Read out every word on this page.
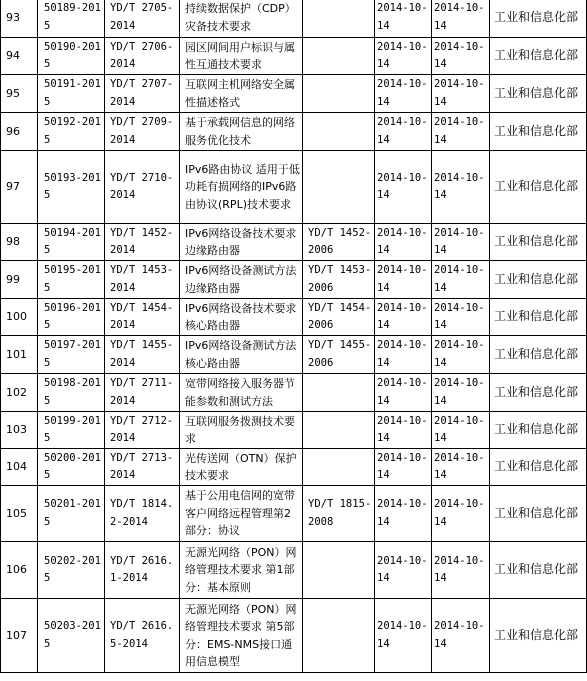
93	50189-2015	YD/T 2705-2014	持续数据保护（CDP）灾备技术要求		2014-10-14	2014-10-14	工业和信息化部
94	50190-2015	YD/T 2706-2014	园区网间用户标识与属性互通技术要求		2014-10-14	2014-10-14	工业和信息化部
95	50191-2015	YD/T 2707-2014	互联网主机网络安全属性描述格式		2014-10-14	2014-10-14	工业和信息化部
96	50192-2015	YD/T 2709-2014	基于承载网信息的网络服务优化技术		2014-10-14	2014-10-14	工业和信息化部
97	50193-2015	YD/T 2710-2014	IPv6路由协议 适用于低功耗有损网络的IPv6路由协议(RPL)技术要求		2014-10-14	2014-10-14	工业和信息化部
98	50194-2015	YD/T 1452-2014	IPv6网络设备技术要求 边缘路由器	YD/T 1452-2006	2014-10-14	2014-10-14	工业和信息化部
99	50195-2015	YD/T 1453-2014	IPv6网络设备测试方法 边缘路由器	YD/T 1453-2006	2014-10-14	2014-10-14	工业和信息化部
100	50196-2015	YD/T 1454-2014	IPv6网络设备技术要求 核心路由器	YD/T 1454-2006	2014-10-14	2014-10-14	工业和信息化部
101	50197-2015	YD/T 1455-2014	IPv6网络设备测试方法 核心路由器	YD/T 1455-2006	2014-10-14	2014-10-14	工业和信息化部
102	50198-2015	YD/T 2711-2014	宽带网络接入服务器节能参数和测试方法		2014-10-14	2014-10-14	工业和信息化部
103	50199-2015	YD/T 2712-2014	互联网服务拨测技术要求		2014-10-14	2014-10-14	工业和信息化部
104	50200-2015	YD/T 2713-2014	光传送网（OTN）保护技术要求		2014-10-14	2014-10-14	工业和信息化部
105	50201-2015	YD/T 1814.2-2014	基于公用电信网的宽带客户网络远程管理第2部分：协议	YD/T 1815-2008	2014-10-14	2014-10-14	工业和信息化部
106	50202-2015	YD/T 2616.1-2014	无源光网络（PON）网络管理技术要求 第1部分：基本原则		2014-10-14	2014-10-14	工业和信息化部
107	50203-2015	YD/T 2616.5-2014	无源光网络（PON）网络管理技术要求 第5部分：EMS-NMS接口通用信息模型		2014-10-14	2014-10-14	工业和信息化部
